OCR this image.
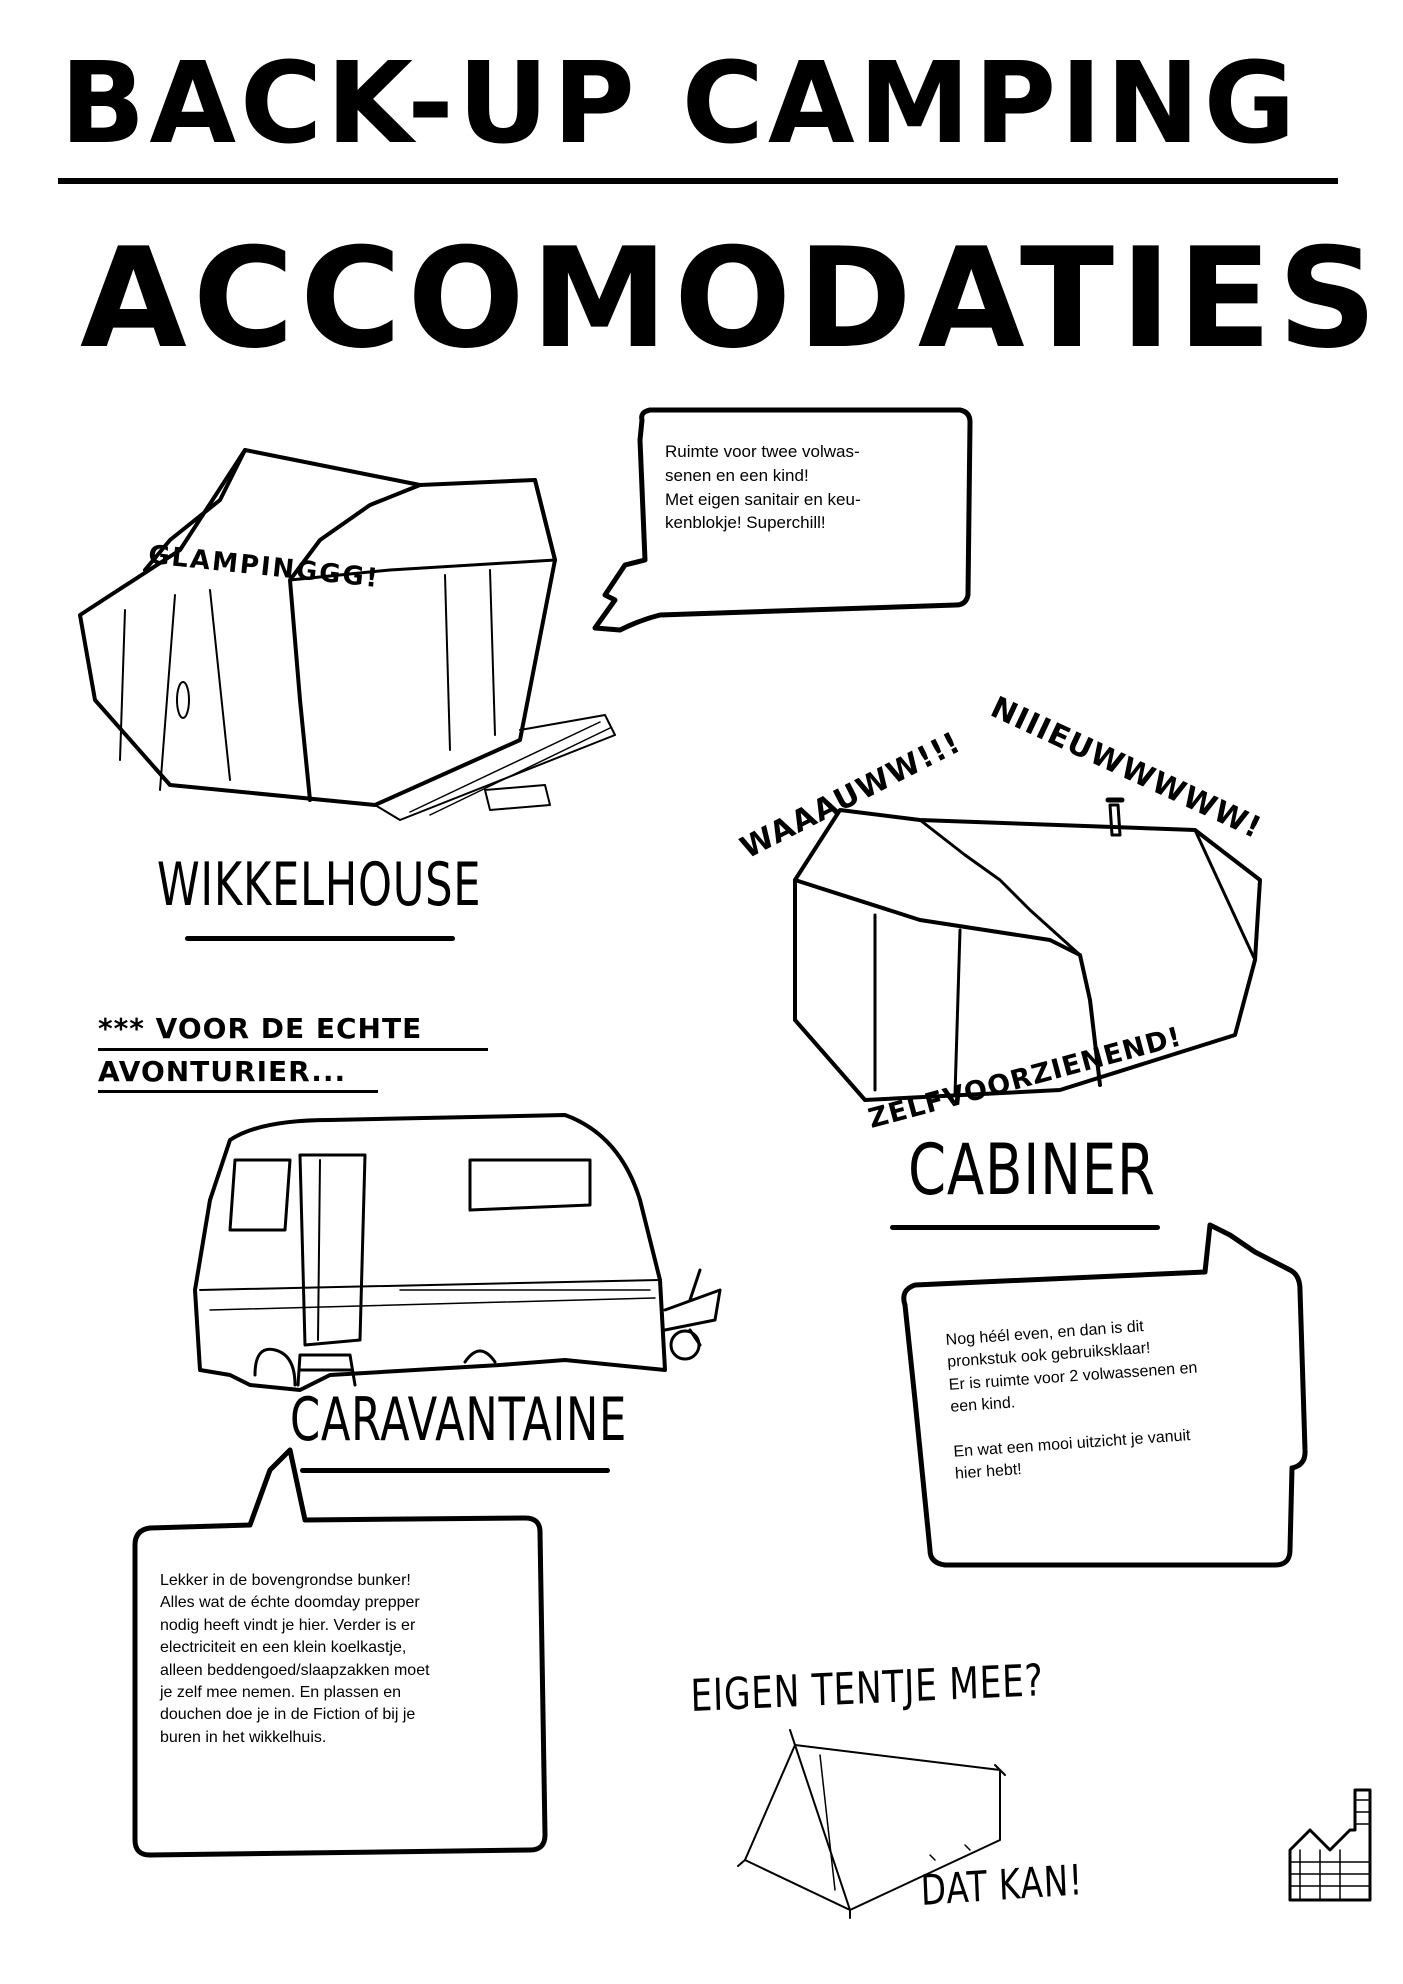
BACK-UP CAMPING
ACCOMODATIES
GLAMPINGGG!
WIKKELHOUSE
Ruimte voor twee volwas-
senen en een kind!
Met eigen sanitair en keu-
kenblokje! Superchill!
WAAAUWW!!! NIIIEUWWWWW!
ZELFVOORZIENEND!
CABINER
Nog héél even, en dan is dit
pronkstuk ook gebruiksklaar!
Er is ruimte voor 2 volwassenen en
een kind.

En wat een mooi uitzicht je vanuit
hier hebt!
*** VOOR DE ECHTE
AVONTURIER...
CARAVANTAINE
Lekker in de bovengrondse bunker!
Alles wat de échte doomday prepper
nodig heeft vindt je hier. Verder is er
electriciteit en een klein koelkastje,
alleen beddengoed/slaapzakken moet
je zelf mee nemen. En plassen en
douchen doe je in de Fiction of bij je
buren in het wikkelhuis.
EIGEN TENTJE MEE?
DAT KAN!
